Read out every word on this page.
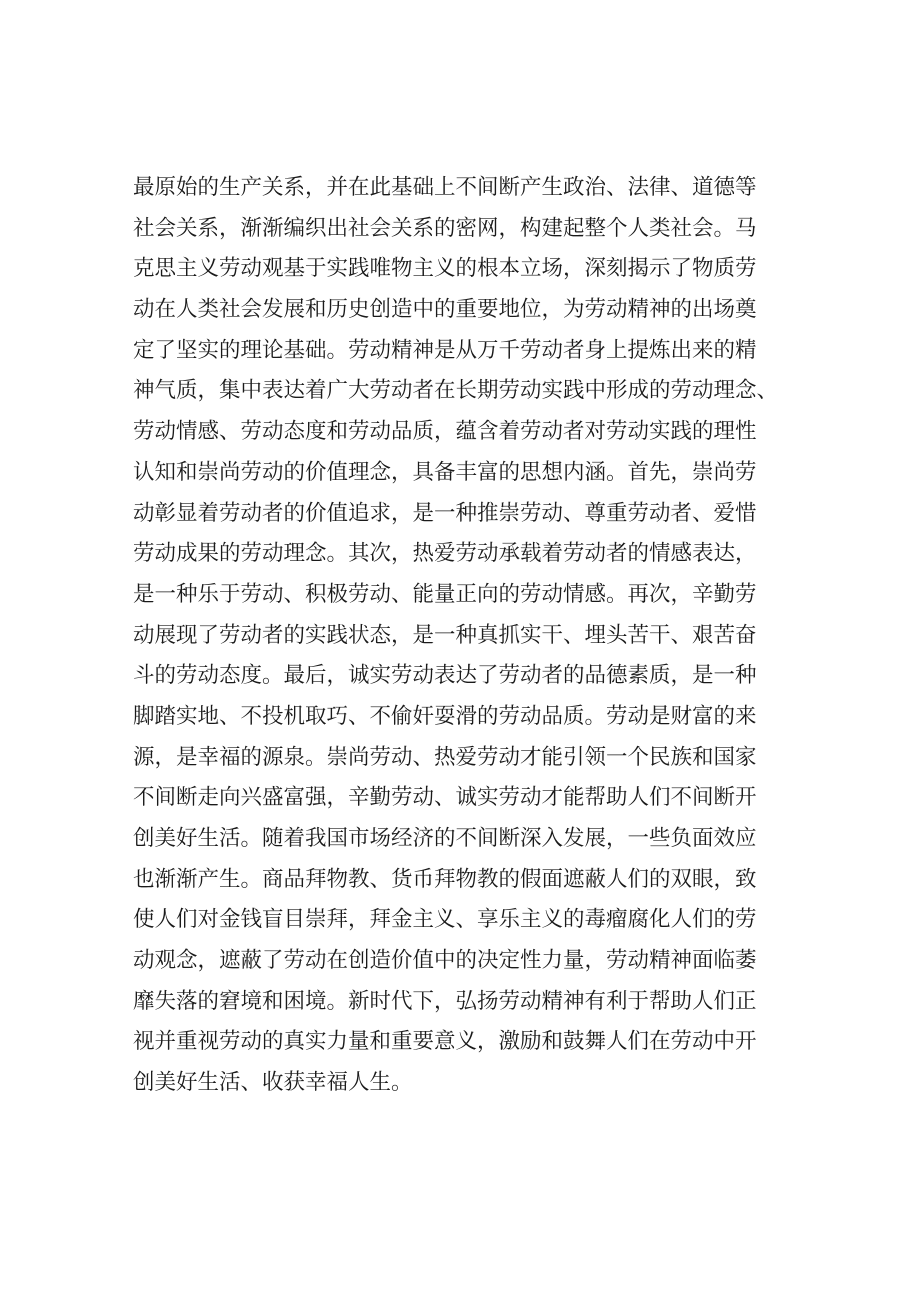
最原始的生产关系，并在此基础上不间断产生政治、法律、道德等
社会关系，渐渐编织出社会关系的密网，构建起整个人类社会。马
克思主义劳动观基于实践唯物主义的根本立场，深刻揭示了物质劳
动在人类社会发展和历史创造中的重要地位，为劳动精神的出场奠
定了坚实的理论基础。劳动精神是从万千劳动者身上提炼出来的精
神气质，集中表达着广大劳动者在长期劳动实践中形成的劳动理念、
劳动情感、劳动态度和劳动品质，蕴含着劳动者对劳动实践的理性
认知和崇尚劳动的价值理念，具备丰富的思想内涵。首先，崇尚劳
动彰显着劳动者的价值追求，是一种推崇劳动、尊重劳动者、爱惜
劳动成果的劳动理念。其次，热爱劳动承载着劳动者的情感表达，
是一种乐于劳动、积极劳动、能量正向的劳动情感。再次，辛勤劳
动展现了劳动者的实践状态，是一种真抓实干、埋头苦干、艰苦奋
斗的劳动态度。最后，诚实劳动表达了劳动者的品德素质，是一种
脚踏实地、不投机取巧、不偷奸耍滑的劳动品质。劳动是财富的来
源，是幸福的源泉。崇尚劳动、热爱劳动才能引领一个民族和国家
不间断走向兴盛富强，辛勤劳动、诚实劳动才能帮助人们不间断开
创美好生活。随着我国市场经济的不间断深入发展，一些负面效应
也渐渐产生。商品拜物教、货币拜物教的假面遮蔽人们的双眼，致
使人们对金钱盲目崇拜，拜金主义、享乐主义的毒瘤腐化人们的劳
动观念，遮蔽了劳动在创造价值中的决定性力量，劳动精神面临萎
靡失落的窘境和困境。新时代下，弘扬劳动精神有利于帮助人们正
视并重视劳动的真实力量和重要意义，激励和鼓舞人们在劳动中开
创美好生活、收获幸福人生。
